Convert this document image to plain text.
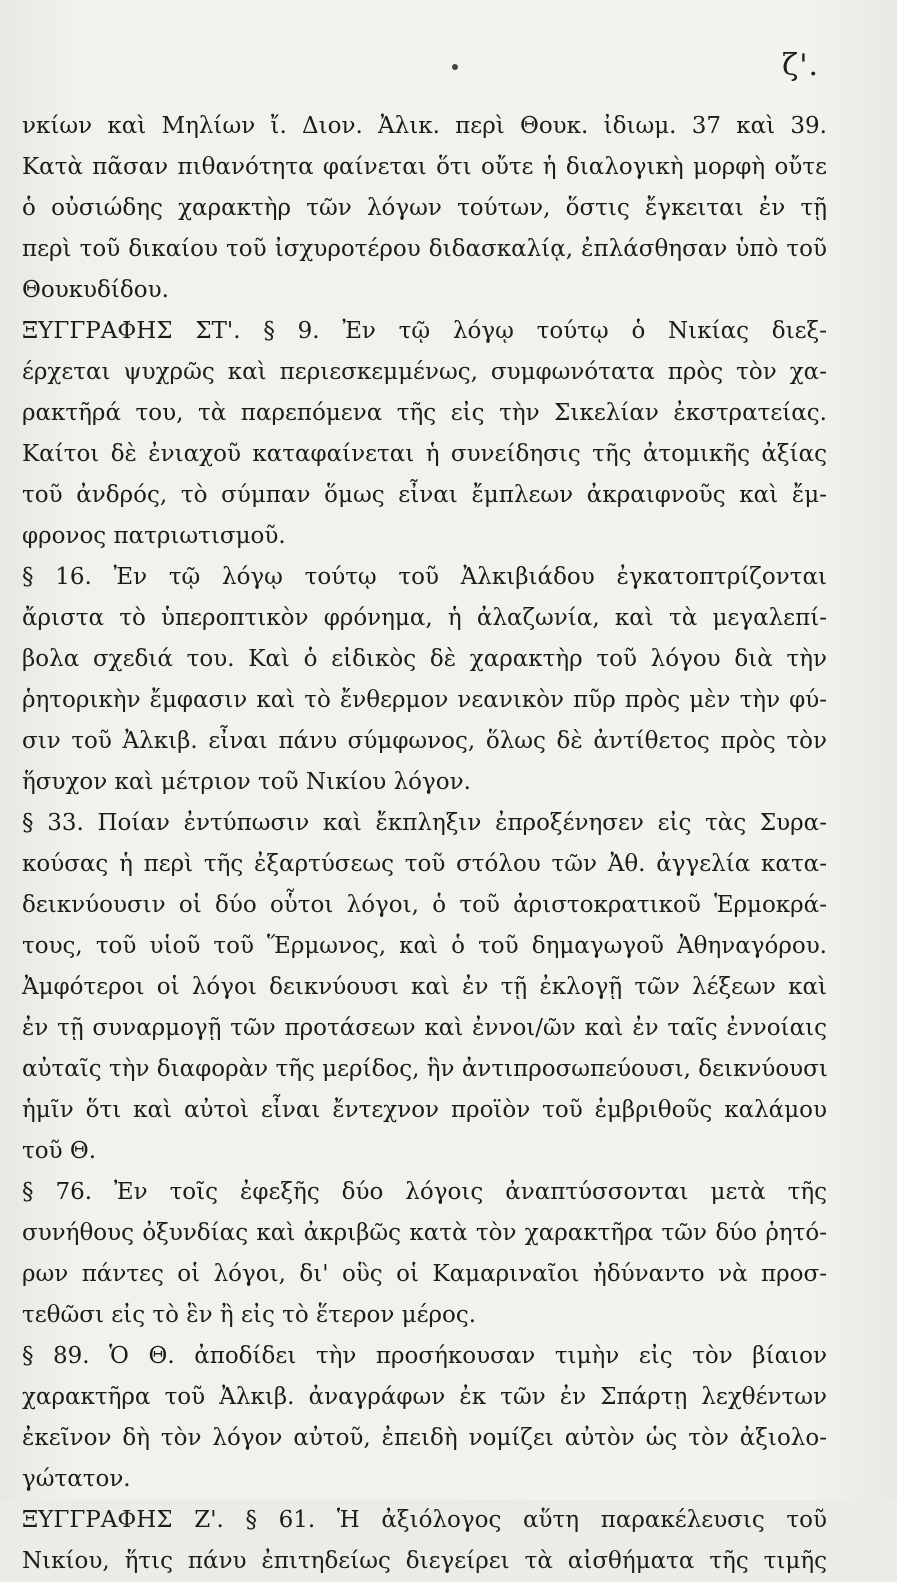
ζ'.
νκίων καὶ Μηλίων ἴ. Διον. Ἀλικ. περὶ Θουκ. ἰδιωμ. 37 καὶ 39.
Κατὰ πᾶσαν πιθανότητα φαίνεται ὅτι οὔτε ἡ διαλογικὴ μορφὴ οὔτε
ὁ οὐσιώδης χαρακτὴρ τῶν λόγων τούτων, ὅστις ἔγκειται ἐν τῇ
περὶ τοῦ δικαίου τοῦ ἰσχυροτέρου διδασκαλίᾳ, ἐπλάσθησαν ὑπὸ τοῦ
Θουκυδίδου.
ΞΥΓΓΡΑΦΗΣ ΣΤ'. § 9. Ἐν τῷ λόγῳ τούτῳ ὁ Νικίας διεξ-
έρχεται ψυχρῶς καὶ περιεσκεμμένως, συμφωνότατα πρὸς τὸν χα-
ρακτῆρά του, τὰ παρεπόμενα τῆς εἰς τὴν Σικελίαν ἐκστρατείας.
Καίτοι δὲ ἐνιαχοῦ καταφαίνεται ἡ συνείδησις τῆς ἀτομικῆς ἀξίας
τοῦ ἀνδρός, τὸ σύμπαν ὅμως εἶναι ἔμπλεων ἀκραιφνοῦς καὶ ἔμ-
φρονος πατριωτισμοῦ.
§ 16. Ἐν τῷ λόγῳ τούτῳ τοῦ Ἀλκιβιάδου ἐγκατοπτρίζονται
ἄριστα τὸ ὑπεροπτικὸν φρόνημα, ἡ ἀλαζωνία, καὶ τὰ μεγαλεπί-
βολα σχεδιά του. Καὶ ὁ εἰδικὸς δὲ χαρακτὴρ τοῦ λόγου διὰ τὴν
ῥητορικὴν ἔμφασιν καὶ τὸ ἔνθερμον νεανικὸν πῦρ πρὸς μὲν τὴν φύ-
σιν τοῦ Ἀλκιβ. εἶναι πάνυ σύμφωνος, ὅλως δὲ ἀντίθετος πρὸς τὸν
ἥσυχον καὶ μέτριον τοῦ Νικίου λόγον.
§ 33. Ποίαν ἐντύπωσιν καὶ ἔκπληξιν ἐπροξένησεν εἰς τὰς Συρα-
κούσας ἡ περὶ τῆς ἐξαρτύσεως τοῦ στόλου τῶν Ἀθ. ἀγγελία κατα-
δεικνύουσιν οἱ δύο οὗτοι λόγοι, ὁ τοῦ ἀριστοκρατικοῦ Ἑρμοκρά-
τους, τοῦ υἱοῦ τοῦ Ἕρμωνος, καὶ ὁ τοῦ δημαγωγοῦ Ἀθηναγόρου.
Ἀμφότεροι οἱ λόγοι δεικνύουσι καὶ ἐν τῇ ἐκλογῇ τῶν λέξεων καὶ
ἐν τῇ συναρμογῇ τῶν προτάσεων καὶ ἐννοι/ῶν καὶ ἐν ταῖς ἐννοίαις
αὐταῖς τὴν διαφορὰν τῆς μερίδος, ἣν ἀντιπροσωπεύουσι, δεικνύουσι
ἡμῖν ὅτι καὶ αὐτοὶ εἶναι ἔντεχνον προϊὸν τοῦ ἐμβριθοῦς καλάμου
τοῦ Θ.
§ 76. Ἐν τοῖς ἐφεξῆς δύο λόγοις ἀναπτύσσονται μετὰ τῆς
συνήθους ὀξυνδίας καὶ ἀκριβῶς κατὰ τὸν χαρακτῆρα τῶν δύο ῥητό-
ρων πάντες οἱ λόγοι, δι' οὓς οἱ Καμαριναῖοι ἠδύναντο νὰ προσ-
τεθῶσι εἰς τὸ ἓν ἢ εἰς τὸ ἕτερον μέρος.
§ 89. Ὁ Θ. ἀποδίδει τὴν προσήκουσαν τιμὴν εἰς τὸν βίαιον
χαρακτῆρα τοῦ Ἀλκιβ. ἀναγράφων ἐκ τῶν ἐν Σπάρτῃ λεχθέντων
ἐκεῖνον δὴ τὸν λόγον αὐτοῦ, ἐπειδὴ νομίζει αὐτὸν ὡς τὸν ἀξιολο-
γώτατον.
ΞΥΓΓΡΑΦΗΣ Ζ'. § 61. Ἡ ἀξιόλογος αὕτη παρακέλευσις τοῦ
Νικίου, ἥτις πάνυ ἐπιτηδείως διεγείρει τὰ αἰσθήματα τῆς τιμῆς
